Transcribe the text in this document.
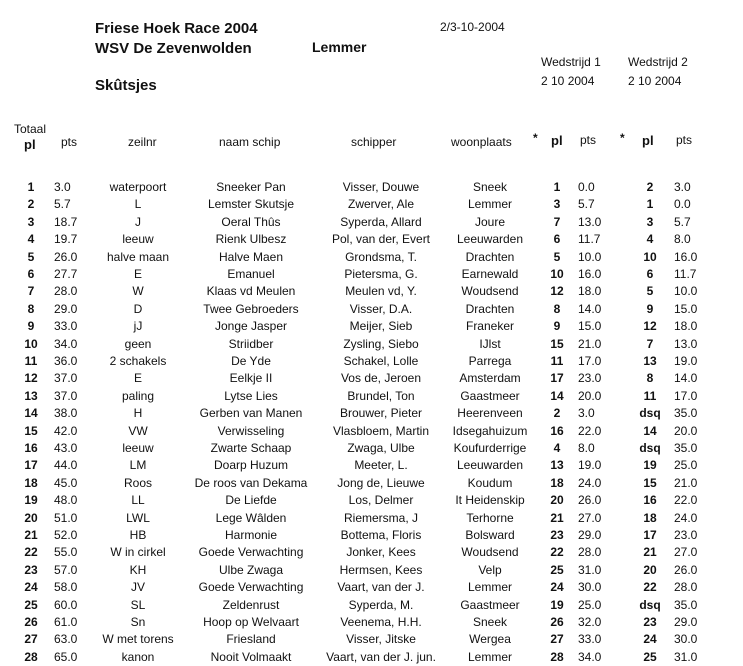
Friese Hoek Race 2004
WSV De Zevenwolden
2/3-10-2004
Lemmer
Skûtsjes
Wedstrijd 1
2 10 2004
Wedstrijd 2
2 10 2004
Totaal
pl pts	zeilnr	naam schip	schipper	woonplaats * pl pts * pl pts
1	3.0	waterpoort	Sneeker Pan	Visser, Douwe	Sneek	1	0.0	2	3.0
2	5.7	L	Lemster Skutsje	Zwerver, Ale	Lemmer	3	5.7	1	0.0
3	18.7	J	Oeral Thûs	Syperda, Allard	Joure	7	13.0	3	5.7
4	19.7	leeuw	Rienk Ulbesz	Pol, van der, Evert	Leeuwarden	6	11.7	4	8.0
5	26.0	halve maan	Halve Maen	Grondsma, T.	Drachten	5	10.0	10	16.0
6	27.7	E	Emanuel	Pietersma, G.	Earnewald	10	16.0	6	11.7
7	28.0	W	Klaas vd Meulen	Meulen vd, Y.	Woudsend	12	18.0	5	10.0
8	29.0	D	Twee Gebroeders	Visser, D.A.	Drachten	8	14.0	9	15.0
9	33.0	jJ	Jonge Jasper	Meijer, Sieb	Franeker	9	15.0	12	18.0
10	34.0	geen	Striidber	Zysling, Siebo	IJlst	15	21.0	7	13.0
11	36.0	2 schakels	De Yde	Schakel, Lolle	Parrega	11	17.0	13	19.0
12	37.0	E	Eelkje II	Vos de, Jeroen	Amsterdam	17	23.0	8	14.0
13	37.0	paling	Lytse Lies	Brundel, Ton	Gaastmeer	14	20.0	11	17.0
14	38.0	H	Gerben van Manen	Brouwer, Pieter	Heerenveen	2	3.0	dsq 35.0
15	42.0	VW	Verwisseling	Vlasbloem, Martin	Idsegahuizum	16	22.0	14	20.0
16	43.0	leeuw	Zwarte Schaap	Zwaga, Ulbe	Koufurderrige	4	8.0	dsq 35.0
17	44.0	LM	Doarp Huzum	Meeter, L.	Leeuwarden	13	19.0	19	25.0
18	45.0	Roos	De roos van Dekama	Jong de, Lieuwe	Koudum	18	24.0	15	21.0
19	48.0	LL	De Liefde	Los, Delmer	It Heidenskip	20	26.0	16	22.0
20	51.0	LWL	Lege Wâlden	Riemersma, J	Terhorne	21	27.0	18	24.0
21	52.0	HB	Harmonie	Bottema, Floris	Bolsward	23	29.0	17	23.0
22	55.0	W in cirkel	Goede Verwachting	Jonker, Kees	Woudsend	22	28.0	21	27.0
23	57.0	KH	Ulbe Zwaga	Hermsen, Kees	Velp	25	31.0	20	26.0
24	58.0	JV	Goede Verwachting	Vaart, van der J.	Lemmer	24	30.0	22	28.0
25	60.0	SL	Zeldenrust	Syperda, M.	Gaastmeer	19	25.0	dsq 35.0
26	61.0	Sn	Hoop op Welvaart	Veenema, H.H.	Sneek	26	32.0	23	29.0
27	63.0	W met torens	Friesland	Visser, Jitske	Wergea	27	33.0	24	30.0
28	65.0	kanon	Nooit Volmaakt	Vaart, van der J. jun.	Lemmer	28	34.0	25	31.0
